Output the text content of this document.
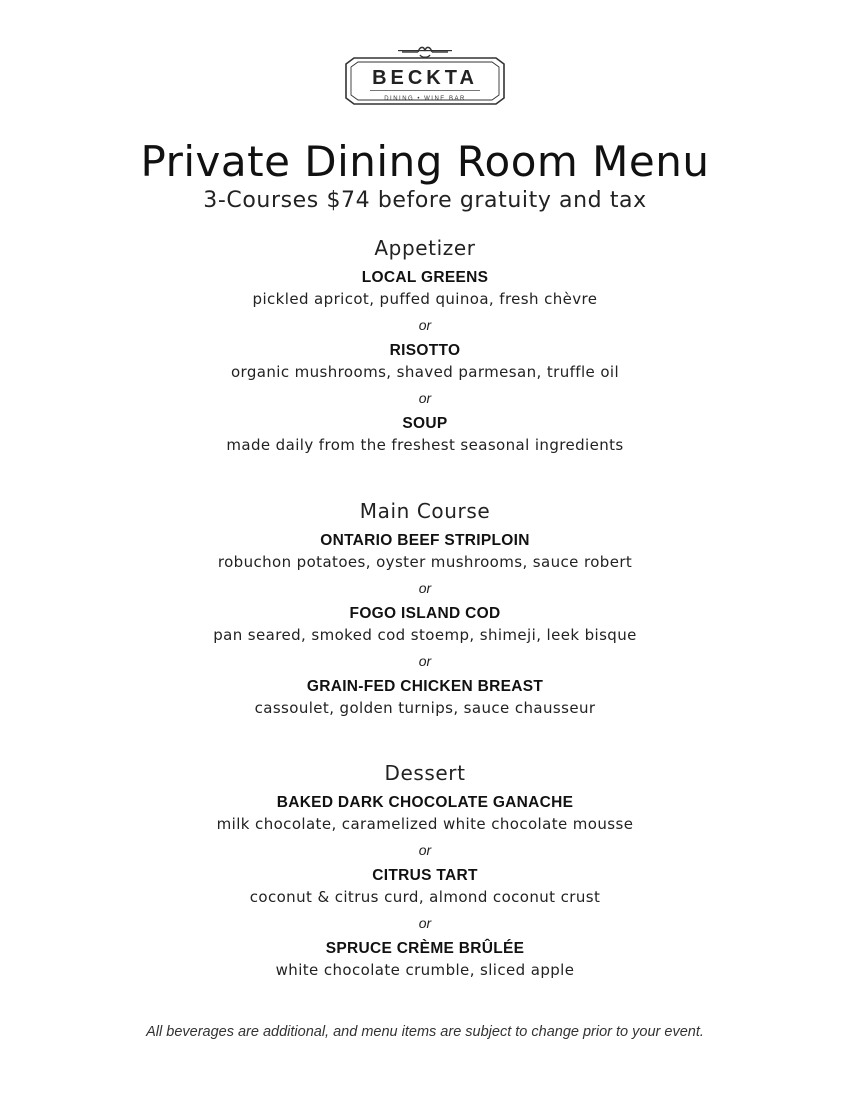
BECKTA
DINING • WINE BAR
Private Dining Room Menu
3-Courses $74 before gratuity and tax
Appetizer
LOCAL GREENS
pickled apricot, puffed quinoa, fresh chèvre
or
RISOTTO
organic mushrooms, shaved parmesan, truffle oil
or
SOUP
made daily from the freshest seasonal ingredients
Main Course
ONTARIO BEEF STRIPLOIN
robuchon potatoes, oyster mushrooms, sauce robert
or
FOGO ISLAND COD
pan seared, smoked cod stoemp, shimeji, leek bisque
or
GRAIN-FED CHICKEN BREAST
cassoulet, golden turnips, sauce chausseur
Dessert
BAKED DARK CHOCOLATE GANACHE
milk chocolate, caramelized white chocolate mousse
or
CITRUS TART
coconut & citrus curd, almond coconut crust
or
SPRUCE CRÈME BRÛLÉE
white chocolate crumble, sliced apple
All beverages are additional, and menu items are subject to change prior to your event.
